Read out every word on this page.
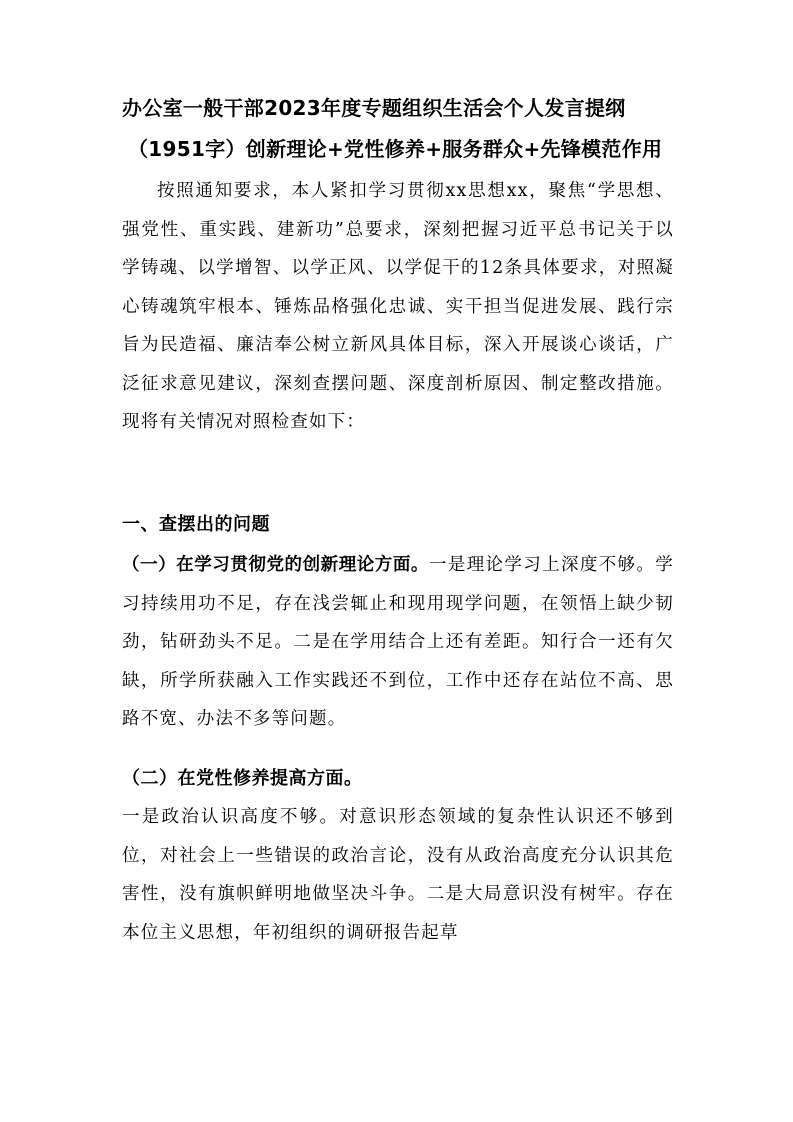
办公室一般干部2023年度专题组织生活会个人发言提纲
（1951字）创新理论+党性修养+服务群众+先锋模范作用

按照通知要求，本人紧扣学习贯彻xx思想xx，聚焦“学思想、强党性、重实践、建新功”总要求，深刻把握习近平总书记关于以学铸魂、以学增智、以学正风、以学促干的12条具体要求，对照凝心铸魂筑牢根本、锤炼品格强化忠诚、实干担当促进发展、践行宗旨为民造福、廉洁奉公树立新风具体目标，深入开展谈心谈话，广泛征求意见建议，深刻查摆问题、深度剖析原因、制定整改措施。现将有关情况对照检查如下：

一、查摆出的问题

（一）在学习贯彻党的创新理论方面。一是理论学习上深度不够。学习持续用功不足，存在浅尝辄止和现用现学问题，在领悟上缺少韧劲，钻研劲头不足。二是在学用结合上还有差距。知行合一还有欠缺，所学所获融入工作实践还不到位，工作中还存在站位不高、思路不宽、办法不多等问题。

（二）在党性修养提高方面。

一是政治认识高度不够。对意识形态领域的复杂性认识还不够到位，对社会上一些错误的政治言论，没有从政治高度充分认识其危害性，没有旗帜鲜明地做坚决斗争。二是大局意识没有树牢。存在本位主义思想，年初组织的调研报告起草
